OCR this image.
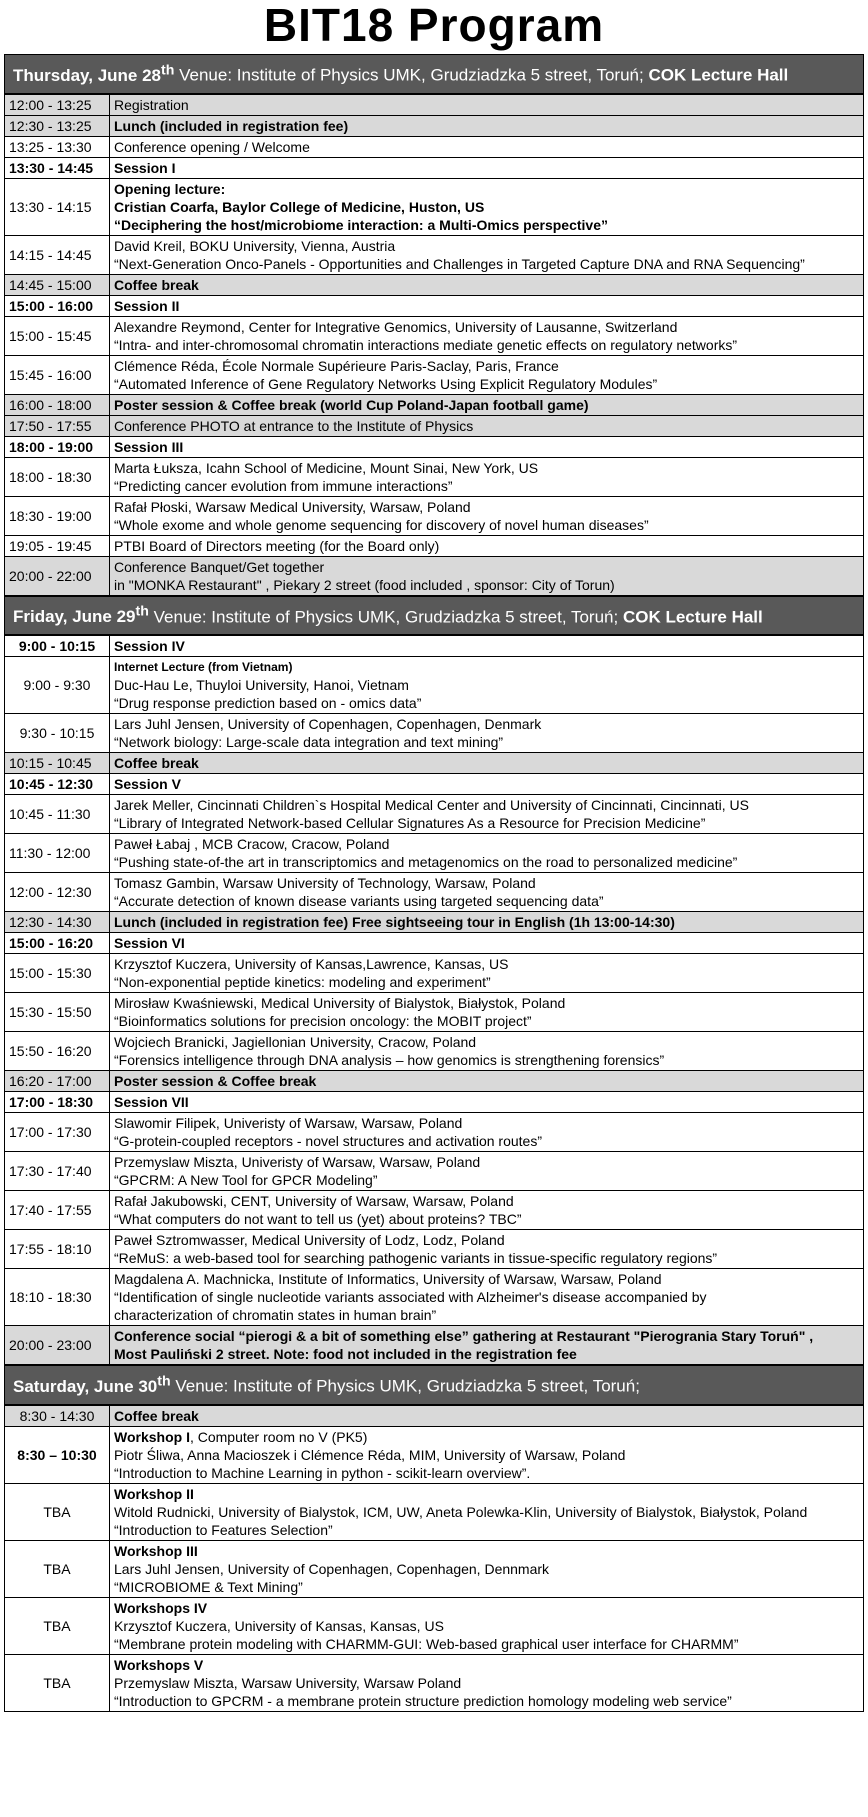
BIT18 Program
Thursday, June 28th Venue: Institute of Physics UMK, Grudziadzka 5 street, Toruń; COK Lecture Hall
12:00 - 13:25	Registration

12:30 - 13:25	Lunch (included in registration fee)

13:25 - 13:30	Conference opening / Welcome

13:30 - 14:45	Session I

13:30 - 14:15	Opening lecture:
Cristian Coarfa, Baylor College of Medicine, Huston, US
“Deciphering the host/microbiome interaction: a Multi-Omics perspective”

14:15 - 14:45	David Kreil, BOKU University, Vienna, Austria
“Next-Generation Onco-Panels - Opportunities and Challenges in Targeted Capture DNA and RNA Sequencing”

14:45 - 15:00	Coffee break

15:00 - 16:00	Session II

15:00 - 15:45	Alexandre Reymond, Center for Integrative Genomics, University of Lausanne, Switzerland
“Intra- and inter-chromosomal chromatin interactions mediate genetic effects on regulatory networks”

15:45 - 16:00	Clémence Réda, École Normale Supérieure Paris-Saclay, Paris, France
“Automated Inference of Gene Regulatory Networks Using Explicit Regulatory Modules”

16:00 - 18:00	Poster session & Coffee break (world Cup Poland-Japan football game)

17:50 - 17:55	Conference PHOTO at entrance to the Institute of Physics

18:00 - 19:00	Session III

18:00 - 18:30	Marta Łuksza, Icahn School of Medicine, Mount Sinai, New York, US
“Predicting cancer evolution from immune interactions”

18:30 - 19:00	Rafał Płoski, Warsaw Medical University, Warsaw, Poland
“Whole exome and whole genome sequencing for discovery of novel human diseases”

19:05 - 19:45	PTBI Board of Directors meeting (for the Board only)

20:00 - 22:00	Conference Banquet/Get together
in "MONKA Restaurant" , Piekary 2 street (food included , sponsor: City of Torun)
Friday, June 29th Venue: Institute of Physics UMK, Grudziadzka 5 street, Toruń; COK Lecture Hall
9:00 - 10:15	Session IV

9:00 - 9:30	Internet Lecture (from Vietnam)
Duc-Hau Le, Thuyloi University, Hanoi, Vietnam
“Drug response prediction based on - omics data”

9:30 - 10:15	Lars Juhl Jensen, University of Copenhagen, Copenhagen, Denmark
“Network biology: Large-scale data integration and text mining”

10:15 - 10:45	Coffee break

10:45 - 12:30	Session V

10:45 - 11:30	Jarek Meller, Cincinnati Children`s Hospital Medical Center and University of Cincinnati, Cincinnati, US
“Library of Integrated Network-based Cellular Signatures As a Resource for Precision Medicine”

11:30 - 12:00	Paweł Łabaj , MCB Cracow, Cracow, Poland
“Pushing state-of-the art in transcriptomics and metagenomics on the road to personalized medicine”

12:00 - 12:30	Tomasz Gambin, Warsaw University of Technology, Warsaw, Poland
“Accurate detection of known disease variants using targeted sequencing data”

12:30 - 14:30	Lunch (included in registration fee) Free sightseeing tour in English (1h 13:00-14:30)

15:00 - 16:20	Session VI

15:00 - 15:30	Krzysztof Kuczera, University of Kansas,Lawrence, Kansas, US
“Non-exponential peptide kinetics: modeling and experiment”

15:30 - 15:50	Mirosław Kwaśniewski, Medical University of Bialystok, Białystok, Poland
“Bioinformatics solutions for precision oncology: the MOBIT project”

15:50 - 16:20	Wojciech Branicki, Jagiellonian University, Cracow, Poland
“Forensics intelligence through DNA analysis – how genomics is strengthening forensics”

16:20 - 17:00	Poster session & Coffee break

17:00 - 18:30	Session VII

17:00 - 17:30	Slawomir Filipek, Univeristy of Warsaw, Warsaw, Poland
“G-protein-coupled receptors - novel structures and activation routes”

17:30 - 17:40	Przemyslaw Miszta, Univeristy of Warsaw, Warsaw, Poland
“GPCRM: A New Tool for GPCR Modeling”

17:40 - 17:55	Rafał Jakubowski, CENT, University of Warsaw, Warsaw, Poland
“What computers do not want to tell us (yet) about proteins? TBC”

17:55 - 18:10	Paweł Sztromwasser, Medical University of Lodz, Lodz, Poland
“ReMuS: a web-based tool for searching pathogenic variants in tissue-specific regulatory regions”

18:10 - 18:30	Magdalena A. Machnicka, Institute of Informatics, University of Warsaw, Warsaw, Poland
“Identification of single nucleotide variants associated with Alzheimer's disease accompanied by
characterization of chromatin states in human brain”

20:00 - 23:00	Conference social “pierogi & a bit of something else” gathering at Restaurant "Pierogrania Stary Toruń" ,
Most Pauliński 2 street. Note: food not included in the registration fee
Saturday, June 30th Venue: Institute of Physics UMK, Grudziadzka 5 street, Toruń;
8:30 - 14:30	Coffee break

8:30 – 10:30	Workshop I, Computer room no V (PK5)
Piotr Śliwa, Anna Macioszek i Clémence Réda, MIM, University of Warsaw, Poland
“Introduction to Machine Learning in python - scikit-learn overview”.

TBA	Workshop II
Witold Rudnicki, University of Bialystok, ICM, UW, Aneta Polewka-Klin, University of Bialystok, Białystok, Poland
“Introduction to Features Selection”

TBA	Workshop III
Lars Juhl Jensen, University of Copenhagen, Copenhagen, Dennmark
“MICROBIOME & Text Mining”

TBA	Workshops IV
Krzysztof Kuczera, University of Kansas, Kansas, US
“Membrane protein modeling with CHARMM-GUI: Web-based graphical user interface for CHARMM”

TBA	Workshops V
Przemyslaw Miszta, Warsaw University, Warsaw Poland
“Introduction to GPCRM - a membrane protein structure prediction homology modeling web service”
